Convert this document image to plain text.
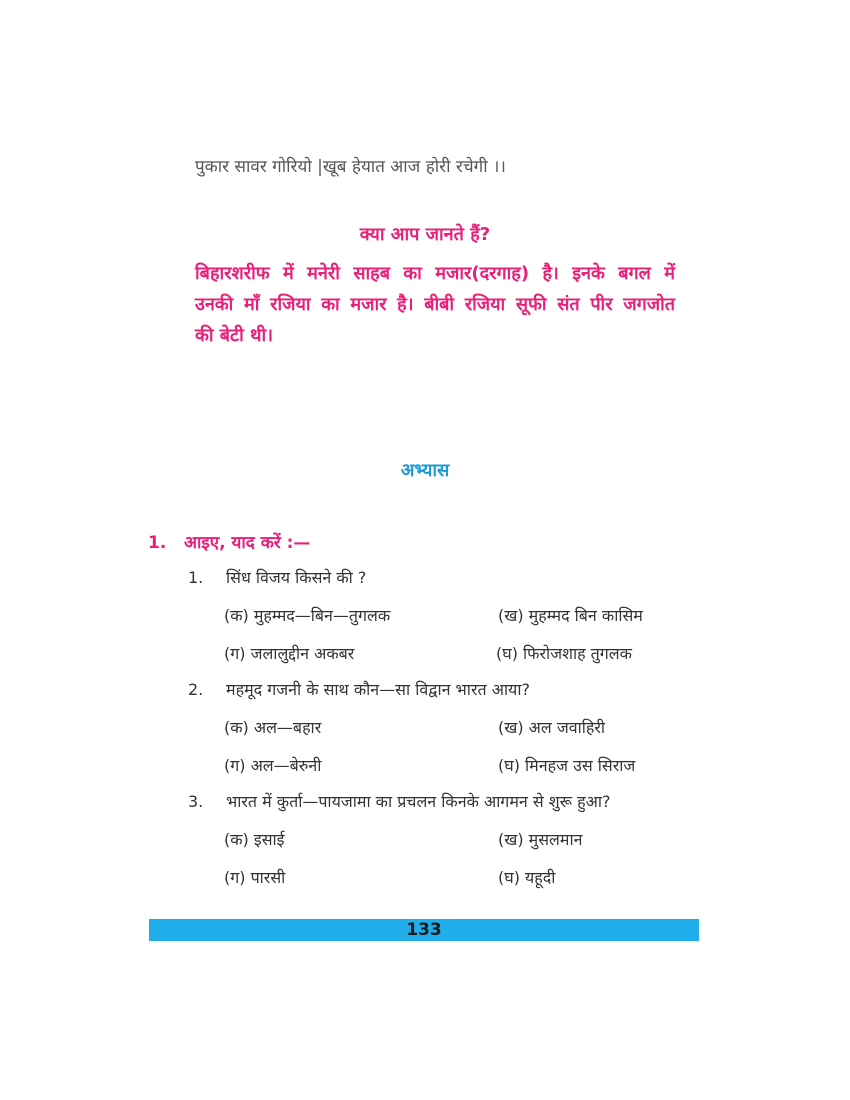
पुकार सावर गोरियो |खूब हेयात आज होरी रचेगी ।।
क्या आप जानते हैं?
बिहारशरीफ में मनेरी साहब का मजार(दरगाह) है। इनके बगल में
उनकी माँ रजिया का मजार है। बीबी रजिया सूफी संत पीर जगजोत
की बेटी थी।
अभ्यास
1. आइए, याद करें :—
1. सिंध विजय किसने की ?
(क) मुहम्मद—बिन—तुगलक	(ख) मुहम्मद बिन कासिम
(ग) जलालुद्दीन अकबर	(घ) फिरोजशाह तुगलक
2. महमूद गजनी के साथ कौन—सा विद्वान भारत आया?
(क) अल—बहार	(ख) अल जवाहिरी
(ग) अल—बेरुनी	(घ) मिनहज उस सिराज
3. भारत में कुर्ता—पायजामा का प्रचलन किनके आगमन से शुरू हुआ?
(क) इसाई	(ख) मुसलमान
(ग) पारसी	(घ) यहूदी
133
